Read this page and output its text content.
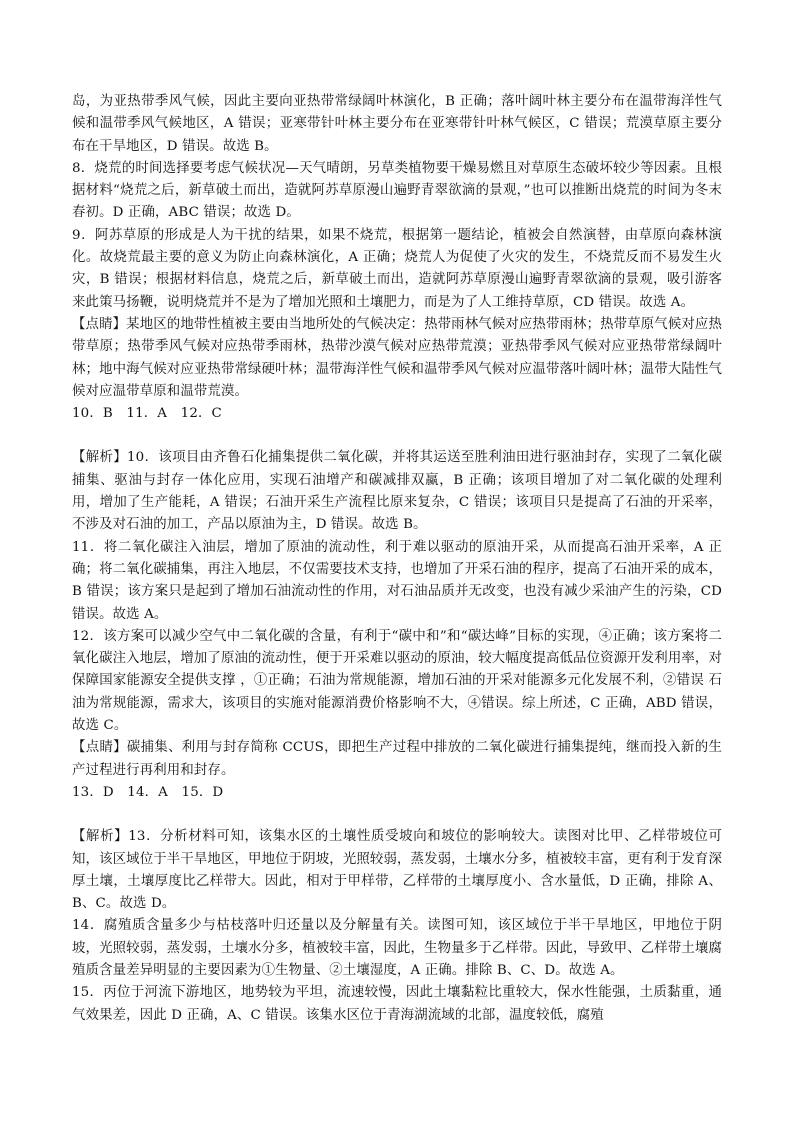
岛，为亚热带季风气候，因此主要向亚热带常绿阔叶林演化，B 正确；落叶阔叶林主要分布在温带海洋性气候和温带季风气候地区，A 错误；亚寒带针叶林主要分布在亚寒带针叶林气候区，C 错误；荒漠草原主要分布在干旱地区，D 错误。故选 B。

8．烧荒的时间选择要考虑气候状况—天气晴朗，另草类植物要干燥易燃且对草原生态破坏较少等因素。且根据材料“烧荒之后，新草破土而出，造就阿苏草原漫山遍野青翠欲滴的景观，”也可以推断出烧荒的时间为冬末春初。D 正确，ABC 错误；故选 D。

9．阿苏草原的形成是人为干扰的结果，如果不烧荒，根据第一题结论，植被会自然演替，由草原向森林演化。故烧荒最主要的意义为防止向森林演化，A 正确；烧荒人为促使了火灾的发生，不烧荒反而不易发生火灾，B 错误；根据材料信息，烧荒之后，新草破土而出，造就阿苏草原漫山遍野青翠欲滴的景观，吸引游客来此策马扬鞭，说明烧荒并不是为了增加光照和土壤肥力，而是为了人工维持草原，CD 错误。故选 A。

【点睛】某地区的地带性植被主要由当地所处的气候决定：热带雨林气候对应热带雨林；热带草原气候对应热带草原；热带季风气候对应热带季雨林，热带沙漠气候对应热带荒漠；亚热带季风气候对应亚热带常绿阔叶林；地中海气候对应亚热带常绿硬叶林；温带海洋性气候和温带季风气候对应温带落叶阔叶林；温带大陆性气候对应温带草原和温带荒漠。

10．B　11．A　12．C

【解析】10．该项目由齐鲁石化捕集提供二氧化碳，并将其运送至胜利油田进行驱油封存，实现了二氧化碳捕集、驱油与封存一体化应用，实现石油增产和碳减排双赢，B 正确；该项目增加了对二氧化碳的处理利用，增加了生产能耗，A 错误；石油开采生产流程比原来复杂，C 错误；该项目只是提高了石油的开采率，不涉及对石油的加工，产品以原油为主，D 错误。故选 B。

11．将二氧化碳注入油层，增加了原油的流动性，利于难以驱动的原油开采，从而提高石油开采率，A 正确；将二氧化碳捕集，再注入地层，不仅需要技术支持，也增加了开采石油的程序，提高了石油开采的成本，B 错误；该方案只是起到了增加石油流动性的作用，对石油品质并无改变，也没有减少采油产生的污染，CD 错误。故选 A。

12．该方案可以减少空气中二氧化碳的含量，有利于“碳中和”和“碳达峰”目标的实现，④正确；该方案将二氧化碳注入地层，增加了原油的流动性，便于开采难以驱动的原油，较大幅度提高低品位资源开发利用率，对保障国家能源安全提供支撑 ，①正确；石油为常规能源，增加石油的开采对能源多元化发展不利，②错误 石油为常规能源，需求大，该项目的实施对能源消费价格影响不大，④错误。综上所述，C 正确，ABD 错误，故选 C。

【点睛】碳捕集、利用与封存简称 CCUS，即把生产过程中排放的二氧化碳进行捕集提纯，继而投入新的生产过程进行再利用和封存。

13．D　14．A　15．D

【解析】13．分析材料可知，该集水区的土壤性质受坡向和坡位的影响较大。读图对比甲、乙样带坡位可知，该区域位于半干旱地区，甲地位于阴坡，光照较弱，蒸发弱，土壤水分多，植被较丰富，更有利于发育深厚土壤，土壤厚度比乙样带大。因此，相对于甲样带，乙样带的土壤厚度小、含水量低，D 正确，排除 A、B、C。故选 D。

14．腐殖质含量多少与枯枝落叶归还量以及分解量有关。读图可知，该区域位于半干旱地区，甲地位于阴坡，光照较弱，蒸发弱，土壤水分多，植被较丰富，因此，生物量多于乙样带。因此，导致甲、乙样带土壤腐殖质含量差异明显的主要因素为①生物量、②土壤湿度，A 正确。排除 B、C、D。故选 A。

15．丙位于河流下游地区，地势较为平坦，流速较慢，因此土壤黏粒比重较大，保水性能强，土质黏重，通气效果差，因此 D 正确，A、C 错误。该集水区位于青海湖流域的北部，温度较低，腐殖
